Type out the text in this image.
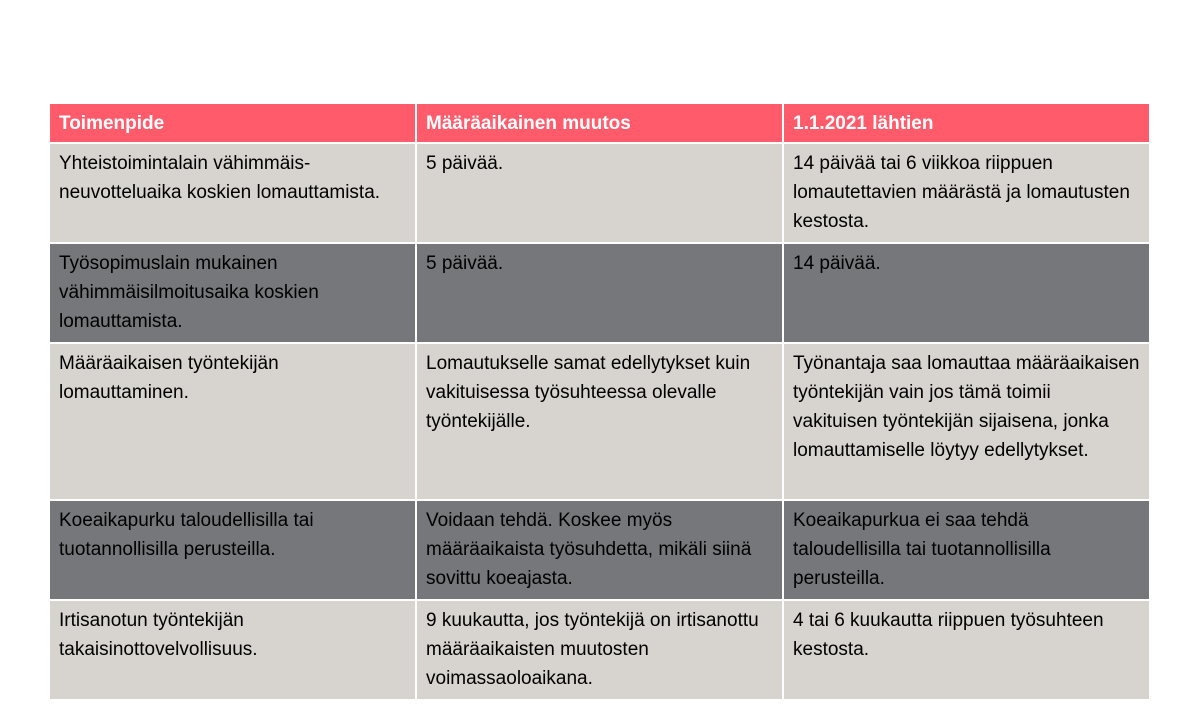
Toimenpide	Määräaikainen muutos	1.1.2021 lähtien
Yhteistoimintalain vähimmäis-neuvotteluaika koskien lomauttamista.	5 päivää.	14 päivää tai 6 viikkoa riippuen lomautettavien määrästä ja lomautusten kestosta.
Työsopimuslain mukainen vähimmäisilmoitusaika koskien lomauttamista.	5 päivää.	14 päivää.
Määräaikaisen työntekijän lomauttaminen.	Lomautukselle samat edellytykset kuin vakituisessa työsuhteessa olevalle työntekijälle.	Työnantaja saa lomauttaa määräaikaisen työntekijän vain jos tämä toimii vakituisen työntekijän sijaisena, jonka lomauttamiselle löytyy edellytykset.
Koeaikapurku taloudellisilla tai tuotannollisilla perusteilla.	Voidaan tehdä. Koskee myös määräaikaista työsuhdetta, mikäli siinä sovittu koeajasta.	Koeaikapurkua ei saa tehdä taloudellisilla tai tuotannollisilla perusteilla.
Irtisanotun työntekijän takaisinottovelvollisuus.	9 kuukautta, jos työntekijä on irtisanottu määräaikaisten muutosten voimassaoloaikana.	4 tai 6 kuukautta riippuen työsuhteen kestosta.
